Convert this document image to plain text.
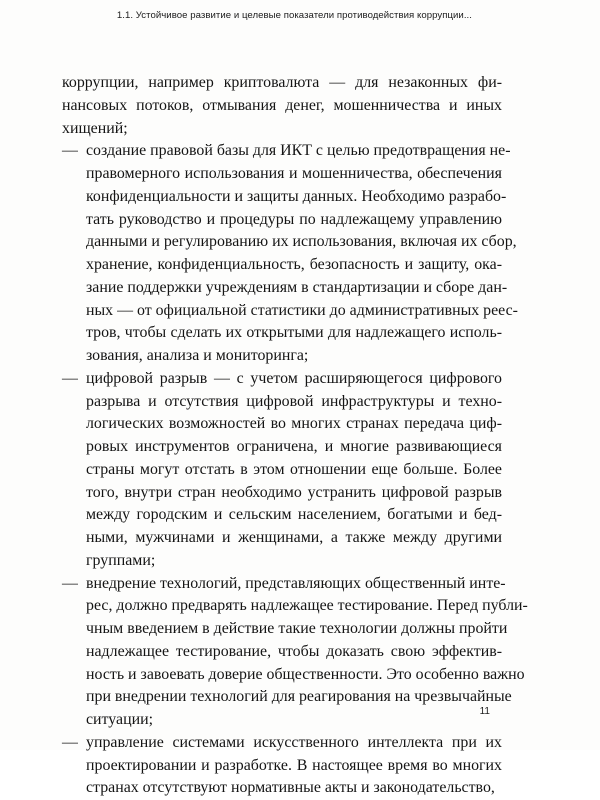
1.1. Устойчивое развитие и целевые показатели противодействия коррупции...
коррупции, например криптовалюта — для незаконных фи-
нансовых потоков, отмывания денег, мошенничества и иных
хищений;
— создание правовой базы для ИКТ с целью предотвращения не-
правомерного использования и мошенничества, обеспечения
конфиденциальности и защиты данных. Необходимо разрабо-
тать руководство и процедуры по надлежащему управлению
данными и регулированию их использования, включая их сбор,
хранение, конфиденциальность, безопасность и защиту, ока-
зание поддержки учреждениям в стандартизации и сборе дан-
ных — от официальной статистики до административных реес-
тров, чтобы сделать их открытыми для надлежащего исполь-
зования, анализа и мониторинга;
— цифровой разрыв — с учетом расширяющегося цифрового
разрыва и отсутствия цифровой инфраструктуры и техно-
логических возможностей во многих странах передача циф-
ровых инструментов ограничена, и многие развивающиеся
страны могут отстать в этом отношении еще больше. Более
того, внутри стран необходимо устранить цифровой разрыв
между городским и сельским населением, богатыми и бед-
ными, мужчинами и женщинами, а также между другими
группами;
— внедрение технологий, представляющих общественный инте-
рес, должно предварять надлежащее тестирование. Перед публи-
чным введением в действие такие технологии должны пройти
надлежащее тестирование, чтобы доказать свою эффектив-
ность и завоевать доверие общественности. Это особенно важно
при внедрении технологий для реагирования на чрезвычайные
ситуации;
— управление системами искусственного интеллекта при их
проектировании и разработке. В настоящее время во многих
странах отсутствуют нормативные акты и законодательство,
11
